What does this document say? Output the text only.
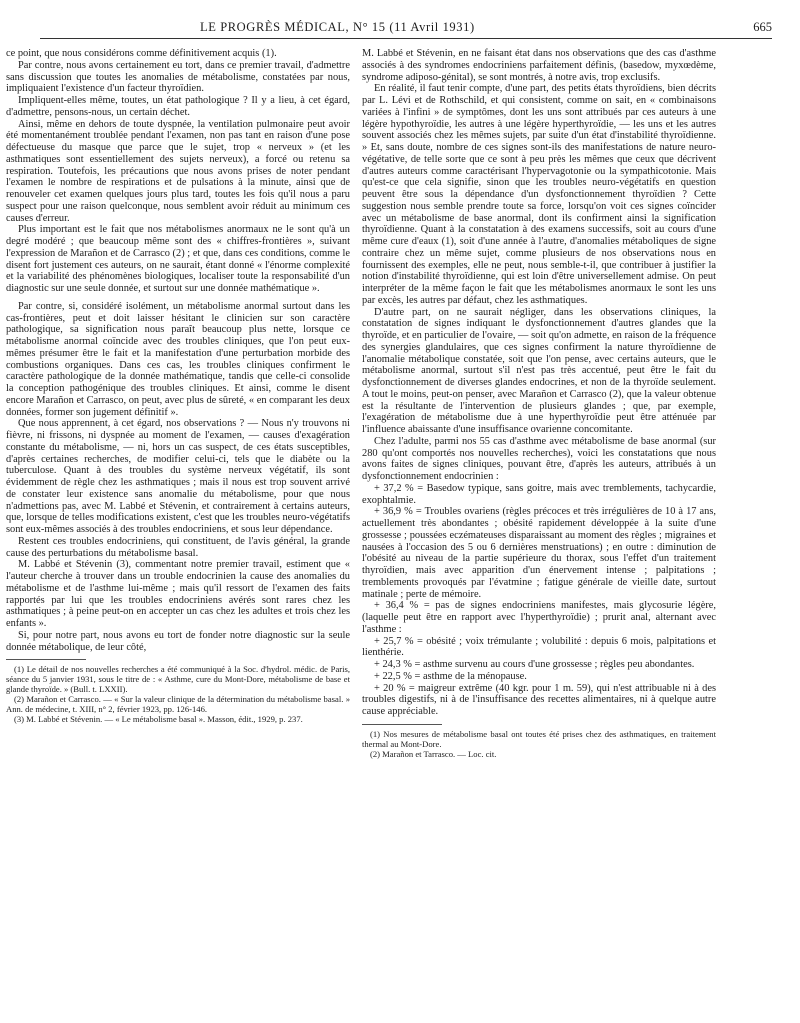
LE PROGRÈS MÉDICAL, N° 15 (11 Avril 1931)	665

ce point, que nous considérons comme définitivement acquis (1).

Par contre, nous avons certainement eu tort, dans ce premier travail, d'admettre sans discussion que toutes les anomalies de métabolisme, constatées par nous, impliquaient l'existence d'un facteur thyroïdien.

Impliquent-elles même, toutes, un état pathologique ? Il y a lieu, à cet égard, d'admettre, pensons-nous, un certain déchet.

Ainsi, même en dehors de toute dyspnée, la ventilation pulmonaire peut avoir été momentanément troublée pendant l'examen, non pas tant en raison d'une pose défectueuse du masque que parce que le sujet, trop « nerveux » (et les asthmatiques sont essentiellement des sujets nerveux), a forcé ou retenu sa respiration. Toutefois, les précautions que nous avons prises de noter pendant l'examen le nombre de respirations et de pulsations à la minute, ainsi que de renouveler cet examen quelques jours plus tard, toutes les fois qu'il nous a paru suspect pour une raison quelconque, nous semblent avoir réduit au minimum ces causes d'erreur.

Plus important est le fait que nos métabolismes anormaux ne le sont qu'à un degré modéré ; que beaucoup même sont des « chiffres-frontières », suivant l'expression de Marañon et de Carrasco (2) ; et que, dans ces conditions, comme le disent fort justement ces auteurs, on ne saurait, étant donné « l'énorme complexité et la variabilité des phénomènes biologiques, localiser toute la responsabilité d'un diagnostic sur une seule donnée, et surtout sur une donnée mathématique ».

Par contre, si, considéré isolément, un métabolisme anormal surtout dans les cas-frontières, peut et doit laisser hésitant le clinicien sur son caractère pathologique, sa signification nous paraît beaucoup plus nette, lorsque ce métabolisme anormal coïncide avec des troubles cliniques, que l'on peut eux-mêmes présumer être le fait et la manifestation d'une perturbation morbide des combustions organiques. Dans ces cas, les troubles cliniques confirment le caractère pathologique de la donnée mathématique, tandis que celle-ci consolide la conception pathogénique des troubles cliniques. Et ainsi, comme le disent encore Marañon et Carrasco, on peut, avec plus de sûreté, « en comparant les deux données, former son jugement définitif ».

Que nous apprennent, à cet égard, nos observations ? — Nous n'y trouvons ni fièvre, ni frissons, ni dyspnée au moment de l'examen, — causes d'exagération constante du métabolisme, — ni, hors un cas suspect, de ces états susceptibles, d'après certaines recherches, de modifier celui-ci, tels que le diabète ou la tuberculose. Quant à des troubles du système nerveux végétatif, ils sont évidemment de règle chez les asthmatiques ; mais il nous est trop souvent arrivé de constater leur existence sans anomalie du métabolisme, pour que nous n'admettions pas, avec M. Labbé et Stévenin, et contrairement à certains auteurs, que, lorsque de telles modifications existent, c'est que les troubles neuro-végétatifs sont eux-mêmes associés à des troubles endocriniens, et sous leur dépendance.

Restent ces troubles endocriniens, qui constituent, de l'avis général, la grande cause des perturbations du métabolisme basal.

M. Labbé et Stévenin (3), commentant notre premier travail, estiment que « l'auteur cherche à trouver dans un trouble endocrinien la cause des anomalies du métabolisme et de l'asthme lui-même ; mais qu'il ressort de l'examen des faits rapportés par lui que les troubles endocriniens avérés sont rares chez les asthmatiques ; à peine peut-on en accepter un cas chez les adultes et trois chez les enfants ».

Si, pour notre part, nous avons eu tort de fonder notre diagnostic sur la seule donnée métabolique, de leur côté,

(1) Le détail de nos nouvelles recherches a été communiqué à la Soc. d'hydrol. médic. de Paris, séance du 5 janvier 1931, sous le titre de : « Asthme, cure du Mont-Dore, métabolisme de base et glande thyroïde. » (Bull. t. LXXII).

(2) Marañon et Carrasco. — « Sur la valeur clinique de la détermination du métabolisme basal. » Ann. de médecine, t. XIII, n° 2, février 1923, pp. 126-146.

(3) M. Labbé et Stévenin. — « Le métabolisme basal ». Masson, édit., 1929, p. 237.

M. Labbé et Stévenin, en ne faisant état dans nos observations que des cas d'asthme associés à des syndromes endocriniens parfaitement définis, (basedow, myxœdème, syndrome adiposo-génital), se sont montrés, à notre avis, trop exclusifs.

En réalité, il faut tenir compte, d'une part, des petits états thyroïdiens, bien décrits par L. Lévi et de Rothschild, et qui consistent, comme on sait, en « combinaisons variées à l'infini » de symptômes, dont les uns sont attribués par ces auteurs à une légère hypothyroïdie, les autres à une légère hyperthyroïdie, — les uns et les autres souvent associés chez les mêmes sujets, par suite d'un état d'instabilité thyroïdienne. » Et, sans doute, nombre de ces signes sont-ils des manifestations de nature neuro-végétative, de telle sorte que ce sont à peu près les mêmes que ceux que décrivent d'autres auteurs comme caractérisant l'hypervagotonie ou la sympathicotonie. Mais qu'est-ce que cela signifie, sinon que les troubles neuro-végétatifs en question peuvent être sous la dépendance d'un dysfonctionnement thyroïdien ? Cette suggestion nous semble prendre toute sa force, lorsqu'on voit ces signes coïncider avec un métabolisme de base anormal, dont ils confirment ainsi la signification thyroïdienne. Quant à la constatation à des examens successifs, soit au cours d'une même cure d'eaux (1), soit d'une année à l'autre, d'anomalies métaboliques de signe contraire chez un même sujet, comme plusieurs de nos observations nous en fournissent des exemples, elle ne peut, nous semble-t-il, que contribuer à justifier la notion d'instabilité thyroïdienne, qui est loin d'être universellement admise. On peut interpréter de la même façon le fait que les métabolismes anormaux le sont les uns par excès, les autres par défaut, chez les asthmatiques.

D'autre part, on ne saurait négliger, dans les observations cliniques, la constatation de signes indiquant le dysfonctionnement d'autres glandes que la thyroïde, et en particulier de l'ovaire, — soit qu'on admette, en raison de la fréquence des synergies glandulaires, que ces signes confirment la nature thyroïdienne de l'anomalie métabolique constatée, soit que l'on pense, avec certains auteurs, que le métabolisme anormal, surtout s'il n'est pas très accentué, peut être le fait du dysfonctionnement de diverses glandes endocrines, et non de la thyroïde seulement. A tout le moins, peut-on penser, avec Marañon et Carrasco (2), que la valeur obtenue est la résultante de l'intervention de plusieurs glandes ; que, par exemple, l'exagération de métabolisme due à une hyperthyroïdie peut être atténuée par l'influence abaissante d'une insuffisance ovarienne concomitante.

Chez l'adulte, parmi nos 55 cas d'asthme avec métabolisme de base anormal (sur 280 qu'ont comportés nos nouvelles recherches), voici les constatations que nous avons faites de signes cliniques, pouvant être, d'après les auteurs, attribués à un dysfonctionnement endocrinien :

+ 37,2 % = Basedow typique, sans goitre, mais avec tremblements, tachycardie, exophtalmie.

+ 36,9 % = Troubles ovariens (règles précoces et très irrégulières de 10 à 17 ans, actuellement très abondantes ; obésité rapidement développée à la suite d'une grossesse ; poussées eczémateuses disparaissant au moment des règles ; migraines et nausées à l'occasion des 5 ou 6 dernières menstruations) ; en outre : diminution de l'obésité au niveau de la partie supérieure du thorax, sous l'effet d'un traitement thyroïdien, mais avec apparition d'un énervement intense ; palpitations ; tremblements provoqués par l'évatmine ; fatigue générale de vieille date, surtout matinale ; perte de mémoire.

+ 36,4 % = pas de signes endocriniens manifestes, mais glycosurie légère, (laquelle peut être en rapport avec l'hyperthyroïdie) ; prurit anal, alternant avec l'asthme :

+ 25,7 % = obésité ; voix trémulante ; volubilité : depuis 6 mois, palpitations et lienthérie.

+ 24,3 % = asthme survenu au cours d'une grossesse ; règles peu abondantes.

+ 22,5 % = asthme de la ménopause.

+ 20 % = maigreur extrême (40 kgr. pour 1 m. 59), qui n'est attribuable ni à des troubles digestifs, ni à de l'insuffisance des recettes alimentaires, ni à quelque autre cause appréciable.

(1) Nos mesures de métabolisme basal ont toutes été prises chez des asthmatiques, en traitement thermal au Mont-Dore.

(2) Marañon et Tarrasco. — Loc. cit.
